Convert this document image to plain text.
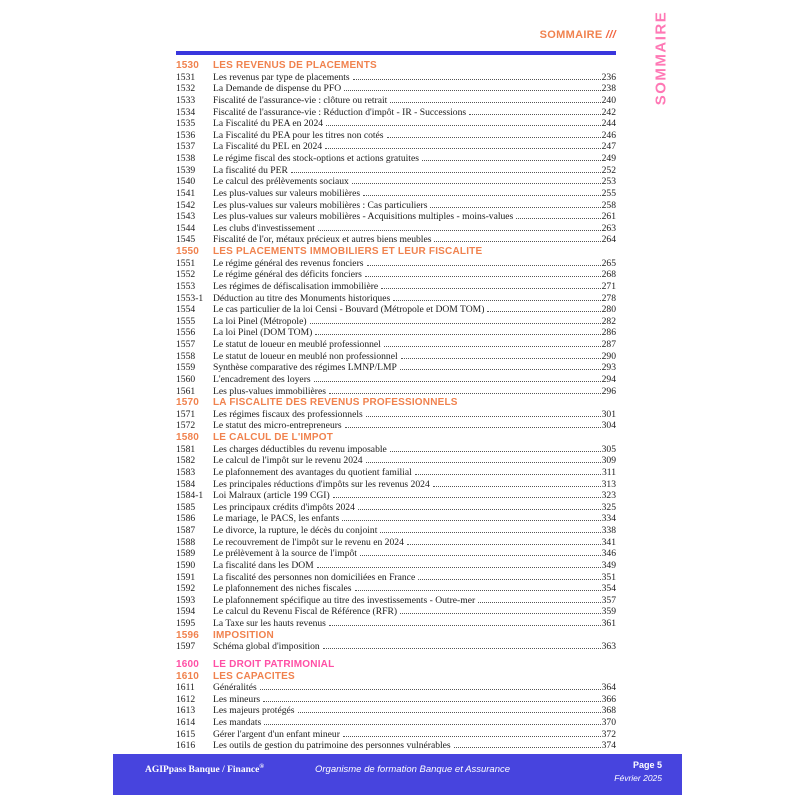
SOMMAIRE /// SOMMAIRE
1530	LES REVENUS DE PLACEMENTS
1531	Les revenus par type de placements	236
1532	La Demande de dispense du PFO	238
1533	Fiscalité de l'assurance-vie : clôture ou retrait	240
1534	Fiscalité de l'assurance-vie : Réduction d'impôt - IR - Successions	242
1535	La Fiscalité du PEA en 2024	244
1536	La Fiscalité du PEA pour les titres non cotés	246
1537	La Fiscalité du PEL en 2024	247
1538	Le régime fiscal des stock-options et actions gratuites	249
1539	La fiscalité du PER	252
1540	Le calcul des prélèvements sociaux	253
1541	Les plus-values sur valeurs mobilières	255
1542	Les plus-values sur valeurs mobilières : Cas particuliers	258
1543	Les plus-values sur valeurs mobilières - Acquisitions multiples - moins-values	261
1544	Les clubs d'investissement	263
1545	Fiscalité de l'or, métaux précieux et autres biens meubles	264
1550	LES PLACEMENTS IMMOBILIERS ET LEUR FISCALITE
1551	Le régime général des revenus fonciers	265
1552	Le régime général des déficits fonciers	268
1553	Les régimes de défiscalisation immobilière	271
1553-1	Déduction au titre des Monuments historiques	278
1554	Le cas particulier de la loi Censi - Bouvard (Métropole et DOM TOM)	280
1555	La loi Pinel (Métropole)	282
1556	La loi Pinel (DOM TOM)	286
1557	Le statut de loueur en meublé professionnel	287
1558	Le statut de loueur en meublé non professionnel	290
1559	Synthèse comparative des régimes LMNP/LMP	293
1560	L'encadrement des loyers	294
1561	Les plus-values immobilières	296
1570	LA FISCALITE DES REVENUS PROFESSIONNELS
1571	Les régimes fiscaux des professionnels	301
1572	Le statut des micro-entrepreneurs	304
1580	LE CALCUL DE L'IMPOT
1581	Les charges déductibles du revenu imposable	305
1582	Le calcul de l'impôt sur le revenu 2024	309
1583	Le plafonnement des avantages du quotient familial	311
1584	Les principales réductions d'impôts sur les revenus 2024	313
1584-1	Loi Malraux (article 199 CGI)	323
1585	Les principaux crédits d'impôts 2024	325
1586	Le mariage, le PACS, les enfants	334
1587	Le divorce, la rupture, le décès du conjoint	338
1588	Le recouvrement de l'impôt sur le revenu en 2024	341
1589	Le prélèvement à la source de l'impôt	346
1590	La fiscalité dans les DOM	349
1591	La fiscalité des personnes non domiciliées en France	351
1592	Le plafonnement des niches fiscales	354
1593	Le plafonnement spécifique au titre des investissements - Outre-mer	357
1594	Le calcul du Revenu Fiscal de Référence (RFR)	359
1595	La Taxe sur les hauts revenus	361
1596	IMPOSITION
1597	Schéma global d'imposition	363
1600	LE DROIT PATRIMONIAL
1610	LES CAPACITES
1611	Généralités	364
1612	Les mineurs	366
1613	Les majeurs protégés	368
1614	Les mandats	370
1615	Gérer l'argent d'un enfant mineur	372
1616	Les outils de gestion du patrimoine des personnes vulnérables	374
AGIPpass Banque / Finance®	Organisme de formation Banque et Assurance	Page 5
Février 2025
